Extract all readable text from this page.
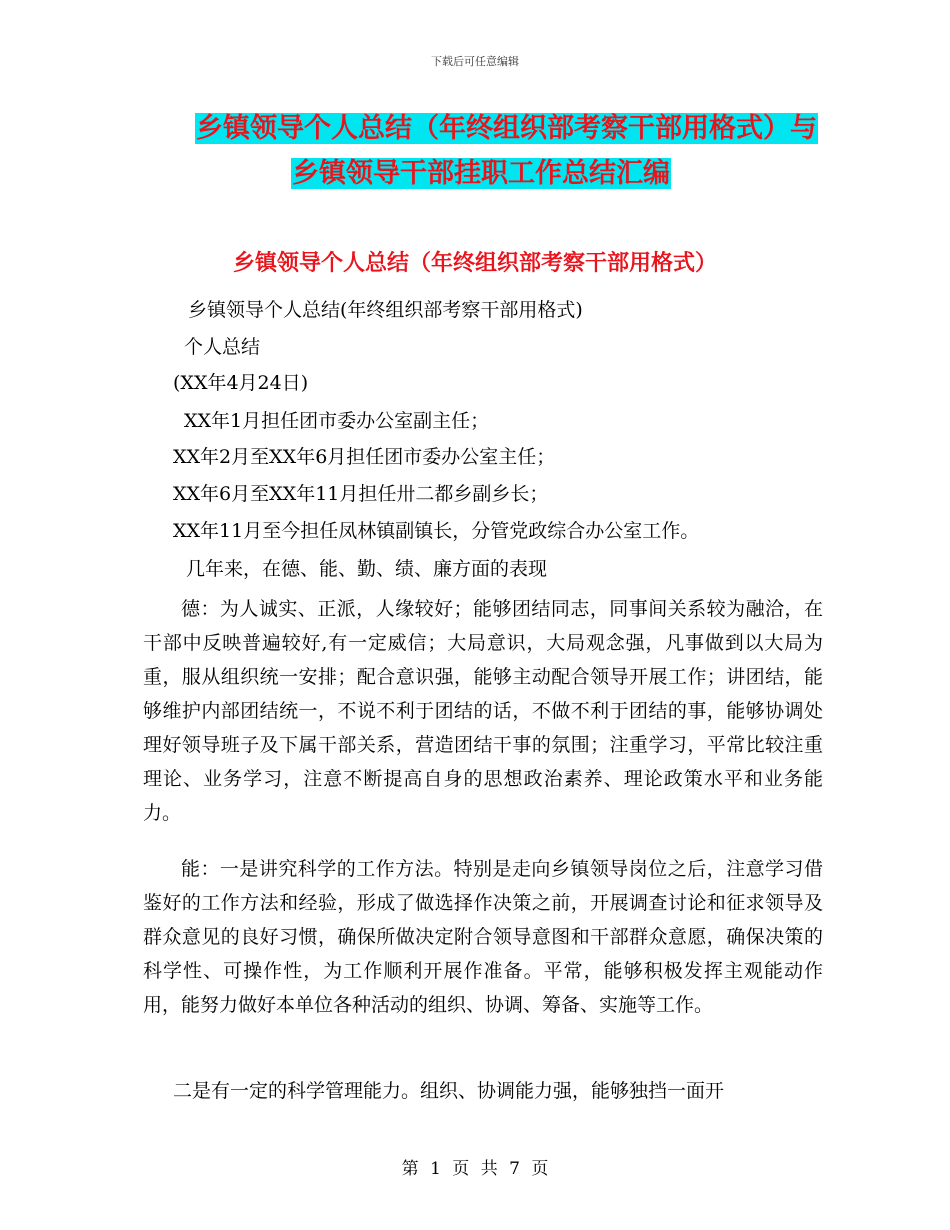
下载后可任意编辑
乡镇领导个人总结（年终组织部考察干部用格式）与
乡镇领导干部挂职工作总结汇编
乡镇领导个人总结（年终组织部考察干部用格式）
乡镇领导个人总结(年终组织部考察干部用格式)
个人总结
(XX年4月24日)
XX年1月担任团市委办公室副主任；
XX年2月至XX年6月担任团市委办公室主任；
XX年6月至XX年11月担任卅二都乡副乡长；
XX年11月至今担任凤林镇副镇长，分管党政综合办公室工作。
几年来，在德、能、勤、绩、廉方面的表现

德：为人诚实、正派，人缘较好；能够团结同志，同事间关系较为融洽，在干部中反映普遍较好,有一定威信；大局意识，大局观念强，凡事做到以大局为重，服从组织统一安排；配合意识强，能够主动配合领导开展工作；讲团结，能够维护内部团结统一，不说不利于团结的话，不做不利于团结的事，能够协调处理好领导班子及下属干部关系，营造团结干事的氛围；注重学习，平常比较注重理论、业务学习，注意不断提高自身的思想政治素养、理论政策水平和业务能力。

能：一是讲究科学的工作方法。特别是走向乡镇领导岗位之后，注意学习借鉴好的工作方法和经验，形成了做选择作决策之前，开展调查讨论和征求领导及群众意见的良好习惯，确保所做决定附合领导意图和干部群众意愿，确保决策的科学性、可操作性，为工作顺利开展作准备。平常，能够积极发挥主观能动作用，能努力做好本单位各种活动的组织、协调、筹备、实施等工作。

二是有一定的科学管理能力。组织、协调能力强，能够独挡一面开
第 1 页 共 7 页
